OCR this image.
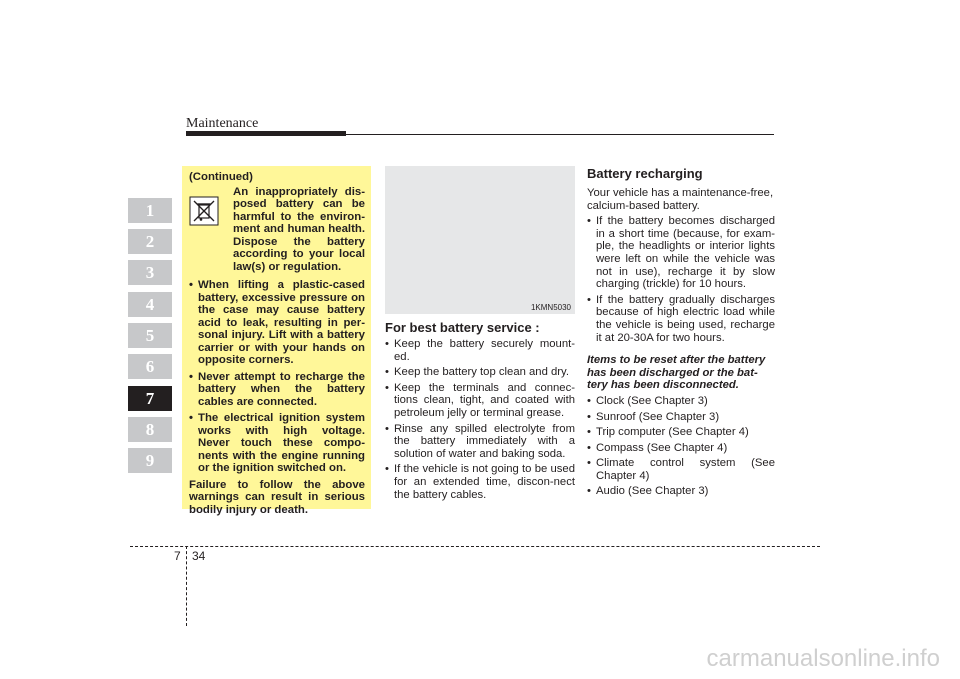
Maintenance
1
2
3
4
5
6
7
8
9
(Continued)
An inappropriately dis-posed battery can be harmful to the environ-ment and human health. Dispose the battery according to your local law(s) or regulation.
• When lifting a plastic-cased battery, excessive pressure on the case may cause battery acid to leak, resulting in per-sonal injury. Lift with a battery carrier or with your hands on opposite corners.
• Never attempt to recharge the battery when the battery cables are connected.
• The electrical ignition system works with high voltage. Never touch these compo-nents with the engine running or the ignition switched on.
Failure to follow the above warnings can result in serious bodily injury or death.
1KMN5030
For best battery service :
• Keep the battery securely mount-ed.
• Keep the battery top clean and dry.
• Keep the terminals and connec-tions clean, tight, and coated with petroleum jelly or terminal grease.
• Rinse any spilled electrolyte from the battery immediately with a solution of water and baking soda.
• If the vehicle is not going to be used for an extended time, discon-nect the battery cables.
Battery recharging

Your vehicle has a maintenance-free, calcium-based battery.

• If the battery becomes discharged in a short time (because, for exam-ple, the headlights or interior lights were left on while the vehicle was not in use), recharge it by slow charging (trickle) for 10 hours.
• If the battery gradually discharges because of high electric load while the vehicle is being used, recharge it at 20-30A for two hours.

Items to be reset after the battery has been discharged or the bat-tery has been disconnected.

• Clock (See Chapter 3)
• Sunroof (See Chapter 3)
• Trip computer (See Chapter 4)
• Compass (See Chapter 4)
• Climate control system (See Chapter 4)
• Audio (See Chapter 3)
7 34
carmanualsonline.info
